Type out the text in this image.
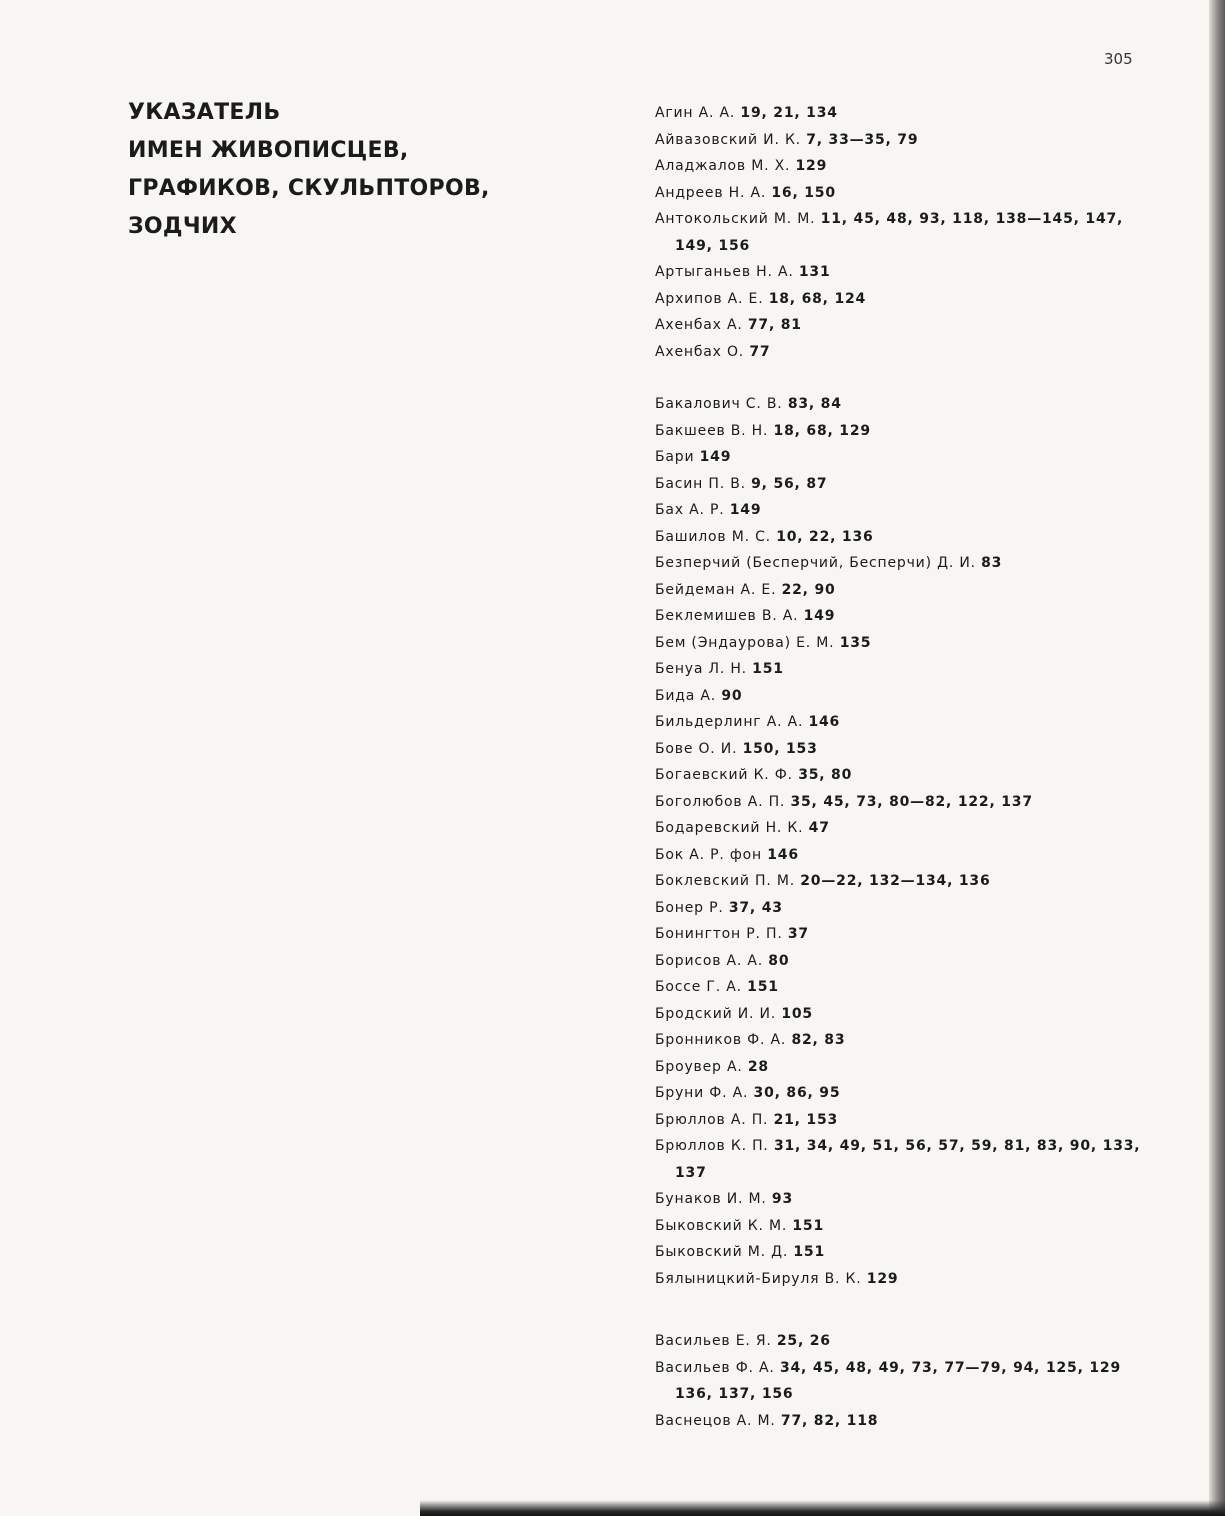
305
УКАЗАТЕЛЬ
ИМЕН ЖИВОПИСЦЕВ,
ГРАФИКОВ, СКУЛЬПТОРОВ,
ЗОДЧИХ
Агин А. А. 19, 21, 134
Айвазовский И. К. 7, 33—35, 79
Аладжалов М. Х. 129
Андреев Н. А. 16, 150
Антокольский М. М. 11, 45, 48, 93, 118, 138—145, 147,
149, 156
Артыганьев Н. А. 131
Архипов А. Е. 18, 68, 124
Ахенбах А. 77, 81
Ахенбах О. 77
Бакалович С. В. 83, 84
Бакшеев В. Н. 18, 68, 129
Бари 149
Басин П. В. 9, 56, 87
Бах А. Р. 149
Башилов М. С. 10, 22, 136
Безперчий (Бесперчий, Бесперчи) Д. И. 83
Бейдеман А. Е. 22, 90
Беклемишев В. А. 149
Бем (Эндаурова) Е. М. 135
Бенуа Л. Н. 151
Бида А. 90
Бильдерлинг А. А. 146
Бове О. И. 150, 153
Богаевский К. Ф. 35, 80
Боголюбов А. П. 35, 45, 73, 80—82, 122, 137
Бодаревский Н. К. 47
Бок А. Р. фон 146
Боклевский П. М. 20—22, 132—134, 136
Бонер Р. 37, 43
Бонингтон Р. П. 37
Борисов А. А. 80
Боссе Г. А. 151
Бродский И. И. 105
Бронников Ф. А. 82, 83
Броувер А. 28
Бруни Ф. А. 30, 86, 95
Брюллов А. П. 21, 153
Брюллов К. П. 31, 34, 49, 51, 56, 57, 59, 81, 83, 90, 133,
137
Бунаков И. М. 93
Быковский К. М. 151
Быковский М. Д. 151
Бялыницкий-Бируля В. К. 129
Васильев Е. Я. 25, 26
Васильев Ф. А. 34, 45, 48, 49, 73, 77—79, 94, 125, 129
136, 137, 156
Васнецов А. М. 77, 82, 118
